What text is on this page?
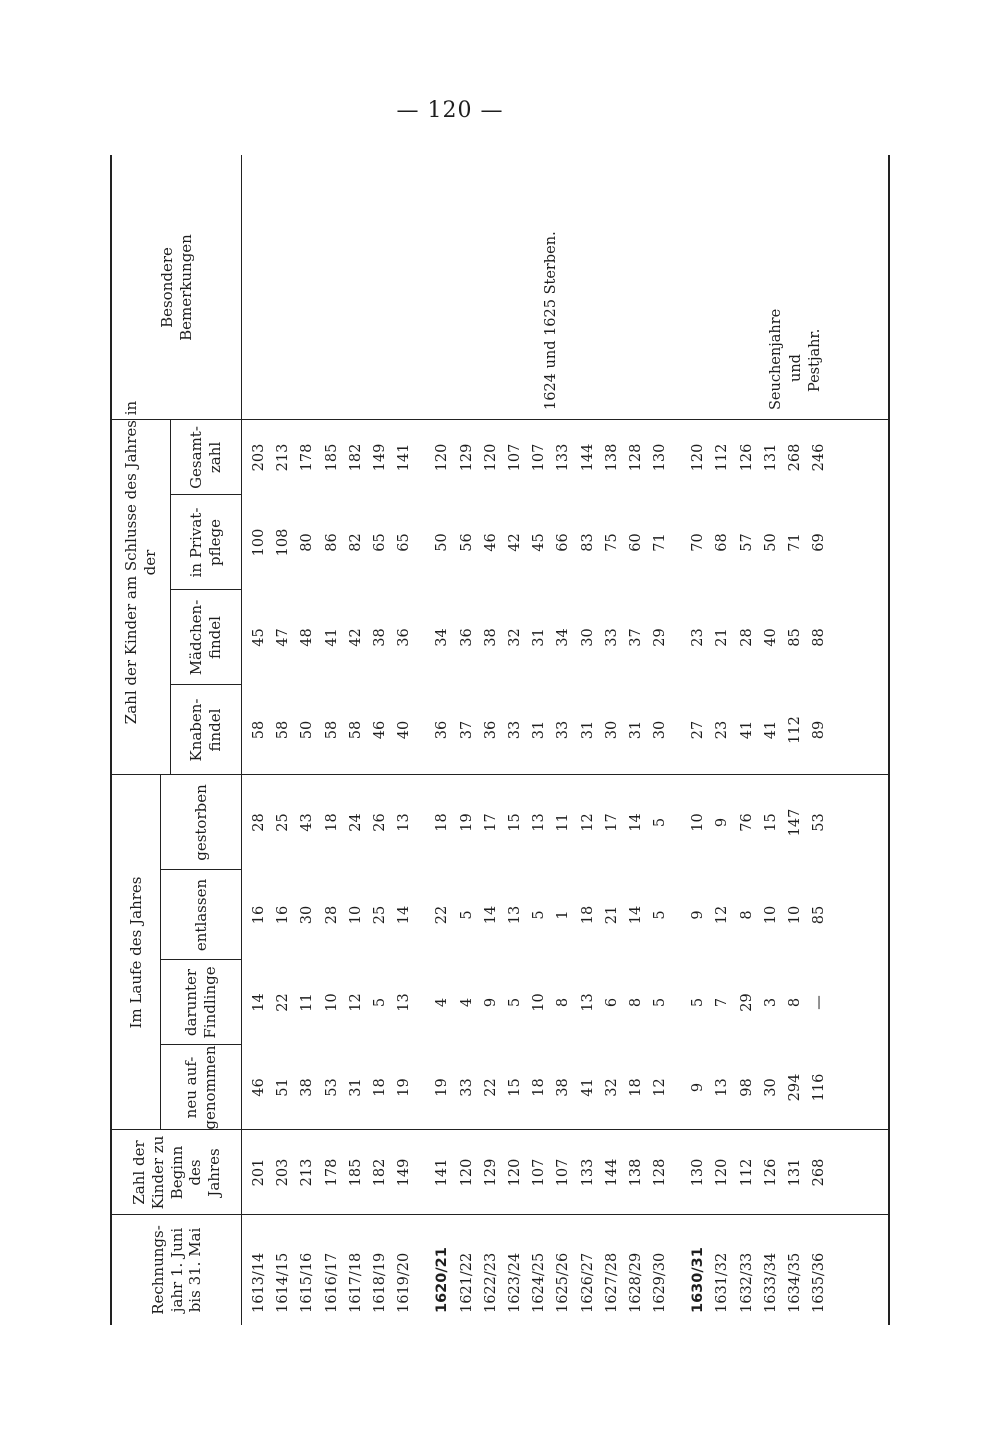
— 120 —
Rechnungs-jahr 1. Juni bis 31. Mai
Zahl der Kinder zu Beginn des Jahres
Im Laufe des Jahres
neu auf-genommen
darunter Findlinge
entlassen
gestorben
Zahl der Kinder am Schlusse des Jahres in der
Knaben-findel
Mädchen-findel
in Privat-pflege
Gesamt-zahl
Besondere Bemerkungen
1613/14
201
46
14
16
28
58
45
100
203
1614/15
203
51
22
16
25
58
47
108
213
1615/16
213
38
11
30
43
50
48
80
178
1616/17
178
53
10
28
18
58
41
86
185
1617/18
185
31
12
10
24
58
42
82
182
1618/19
182
18
5
25
26
46
38
65
149
1619/20
149
19
13
14
13
40
36
65
141
1620/21
141
19
4
22
18
36
34
50
120
1621/22
120
33
4
5
19
37
36
56
129
1622/23
129
22
9
14
17
36
38
46
120
1623/24
120
15
5
13
15
33
32
42
107
1624/25
107
18
10
5
13
31
31
45
107
1625/26
107
38
8
1
11
33
34
66
133
1626/27
133
41
13
18
12
31
30
83
144
1627/28
144
32
6
21
17
30
33
75
138
1628/29
138
18
8
14
14
31
37
60
128
1629/30
128
12
5
5
5
30
29
71
130
1630/31
130
9
5
9
10
27
23
70
120
1631/32
120
13
7
12
9
23
21
68
112
1632/33
112
98
29
8
76
41
28
57
126
1633/34
126
30
3
10
15
41
40
50
131
1634/35
131
294
8
10
147
112
85
71
268
1635/36
268
116
—
85
53
89
88
69
246
1624 und 1625 Sterben.	Seuchenjahre und Pestjahr.
